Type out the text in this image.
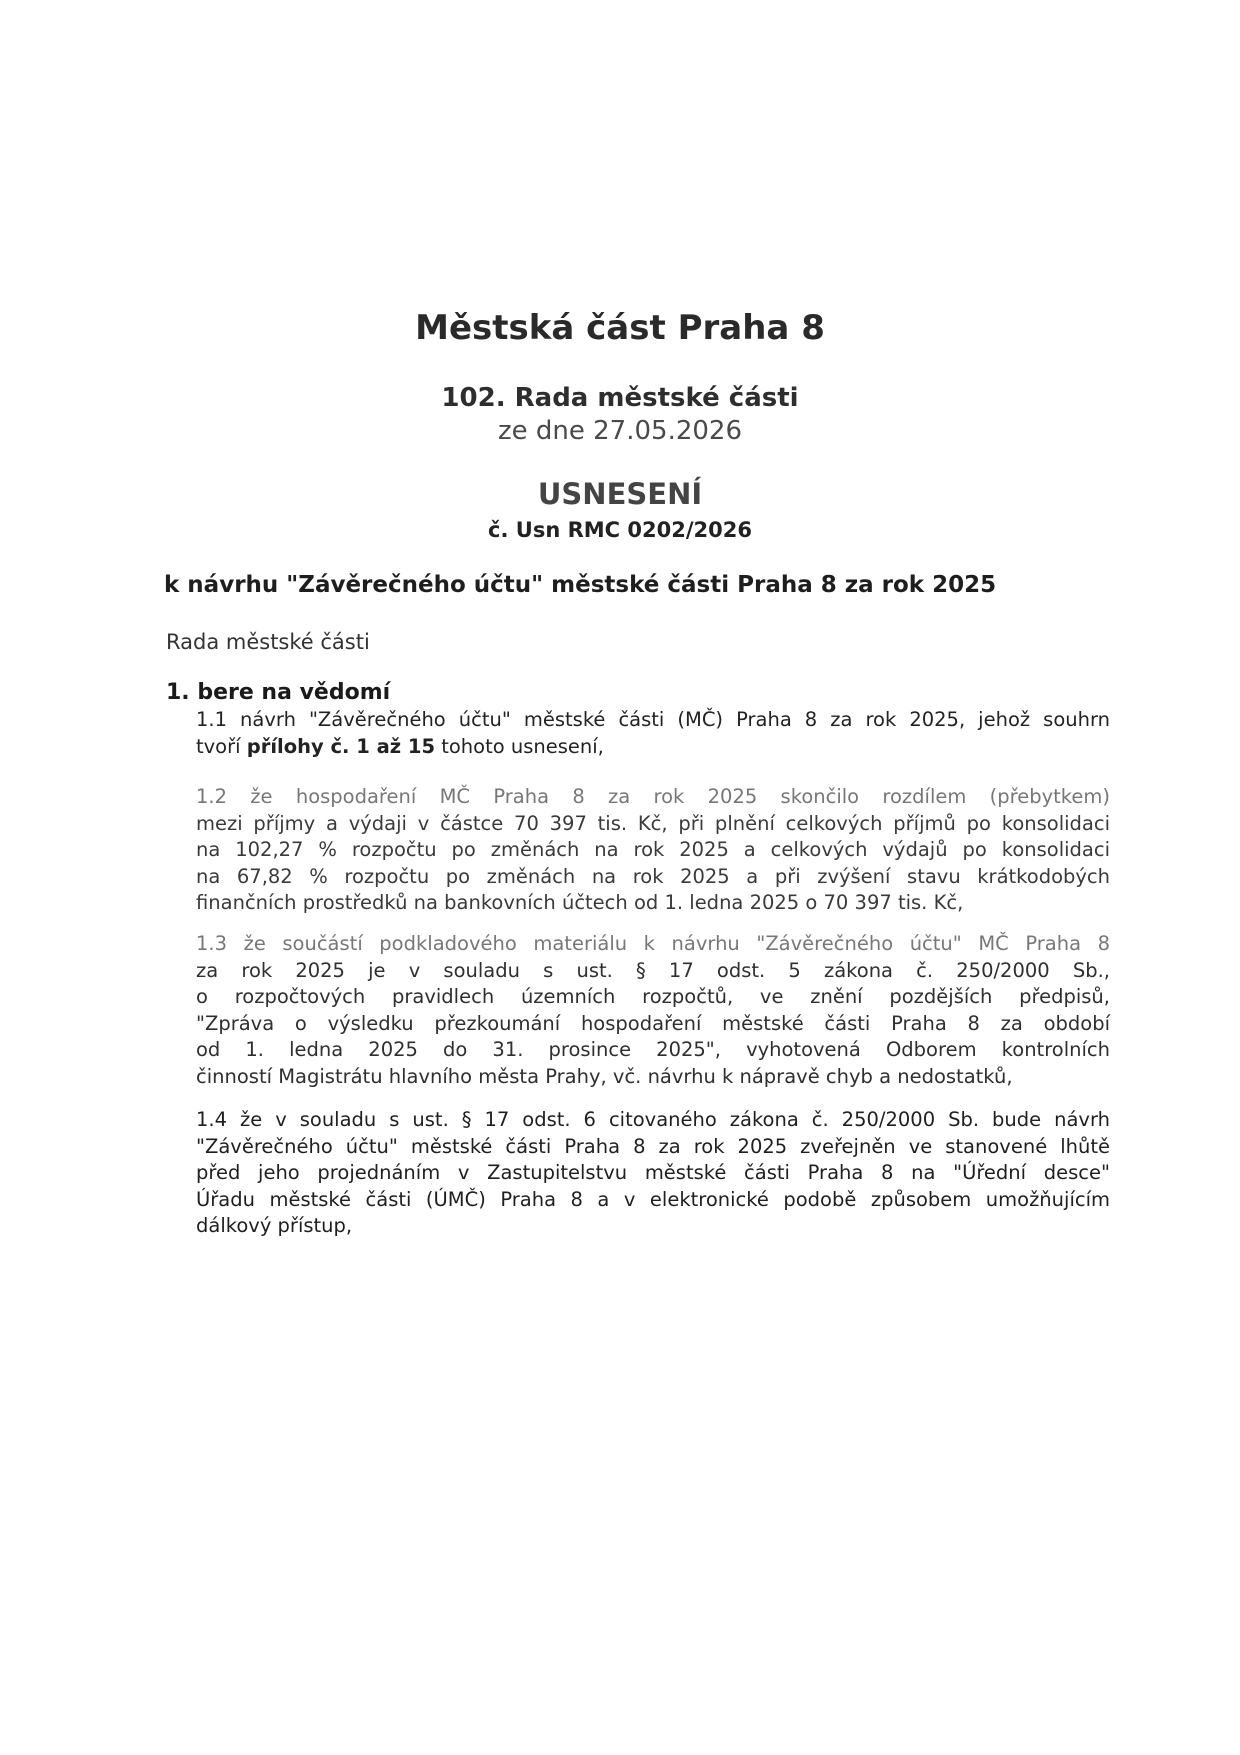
Městská část Praha 8
102. Rada městské části
ze dne 27.05.2026
USNESENÍ
č. Usn RMC 0202/2026
k návrhu "Závěrečného účtu" městské části Praha 8 za rok 2025
Rada městské části
1. bere na vědomí
1.1 návrh "Závěrečného účtu" městské části (MČ) Praha 8 za rok 2025, jehož souhrn
tvoří přílohy č. 1 až 15 tohoto usnesení,
1.2 že hospodaření MČ Praha 8 za rok 2025 skončilo rozdílem (přebytkem)
mezi příjmy a výdaji v částce 70 397 tis. Kč, při plnění celkových příjmů po konsolidaci
na 102,27 % rozpočtu po změnách na rok 2025 a celkových výdajů po konsolidaci
na 67,82 % rozpočtu po změnách na rok 2025 a při zvýšení stavu krátkodobých
finančních prostředků na bankovních účtech od 1. ledna 2025 o 70 397 tis. Kč,
1.3 že součástí podkladového materiálu k návrhu "Závěrečného účtu" MČ Praha 8
za rok 2025 je v souladu s ust. § 17 odst. 5 zákona č. 250/2000 Sb.,
o rozpočtových pravidlech územních rozpočtů, ve znění pozdějších předpisů,
"Zpráva o výsledku přezkoumání hospodaření městské části Praha 8 za období
od 1. ledna 2025 do 31. prosince 2025", vyhotovená Odborem kontrolních
činností Magistrátu hlavního města Prahy, vč. návrhu k nápravě chyb a nedostatků,
1.4 že v souladu s ust. § 17 odst. 6 citovaného zákona č. 250/2000 Sb. bude návrh
"Závěrečného účtu" městské části Praha 8 za rok 2025 zveřejněn ve stanovené lhůtě
před jeho projednáním v Zastupitelstvu městské části Praha 8 na "Úřední desce"
Úřadu městské části (ÚMČ) Praha 8 a v elektronické podobě způsobem umožňujícím
dálkový přístup,
